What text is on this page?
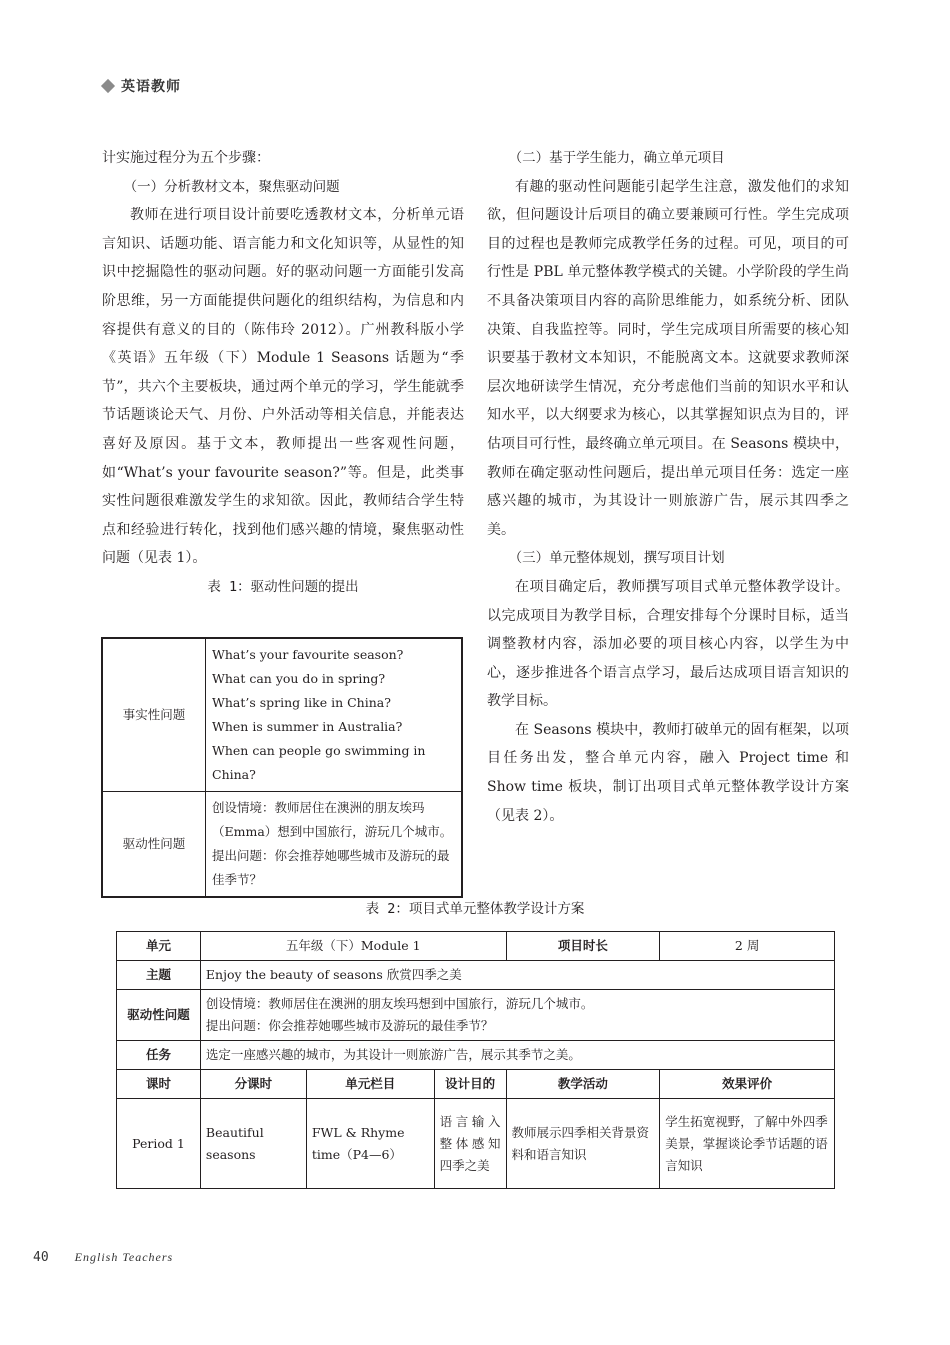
英语教师

计实施过程分为五个步骤：

（一）分析教材文本，聚焦驱动问题

教师在进行项目设计前要吃透教材文本，分析单元语言知识、话题功能、语言能力和文化知识等，从显性的知识中挖掘隐性的驱动问题。好的驱动问题一方面能引发高阶思维，另一方面能提供问题化的组织结构，为信息和内容提供有意义的目的（陈伟玲 2012）。广州教科版小学《英语》五年级（下）Module 1 Seasons 话题为“季节”，共六个主要板块，通过两个单元的学习，学生能就季节话题谈论天气、月份、户外活动等相关信息，并能表达喜好及原因。基于文本，教师提出一些客观性问题，如“What’s your favourite season?”等。但是，此类事实性问题很难激发学生的求知欲。因此，教师结合学生特点和经验进行转化，找到他们感兴趣的情境，聚焦驱动性问题（见表 1）。

表 1：驱动性问题的提出

事实性问题	What’s your favourite season?
What can you do in spring?
What’s spring like in China?
When is summer in Australia?
When can people go swimming in China?

驱动性问题	创设情境：教师居住在澳洲的朋友埃玛（Emma）想到中国旅行，游玩几个城市。
提出问题：你会推荐她哪些城市及游玩的最佳季节？

（二）基于学生能力，确立单元项目

有趣的驱动性问题能引起学生注意，激发他们的求知欲，但问题设计后项目的确立要兼顾可行性。学生完成项目的过程也是教师完成教学任务的过程。可见，项目的可行性是 PBL 单元整体教学模式的关键。小学阶段的学生尚不具备决策项目内容的高阶思维能力，如系统分析、团队决策、自我监控等。同时，学生完成项目所需要的核心知识要基于教材文本知识，不能脱离文本。这就要求教师深层次地研读学生情况，充分考虑他们当前的知识水平和认知水平，以大纲要求为核心，以其掌握知识点为目的，评估项目可行性，最终确立单元项目。在 Seasons 模块中，教师在确定驱动性问题后，提出单元项目任务：选定一座感兴趣的城市，为其设计一则旅游广告，展示其四季之美。

（三）单元整体规划，撰写项目计划

在项目确定后，教师撰写项目式单元整体教学设计。以完成项目为教学目标，合理安排每个分课时目标，适当调整教材内容，添加必要的项目核心内容，以学生为中心，逐步推进各个语言点学习，最后达成项目语言知识的教学目标。

在 Seasons 模块中，教师打破单元的固有框架，以项目任务出发，整合单元内容，融入 Project time 和 Show time 板块，制订出项目式单元整体教学设计方案（见表 2）。

表 2：项目式单元整体教学设计方案
单元	五年级（下）Module 1			项目时长	2 周
主题	Enjoy the beauty of seasons 欣赏四季之美				
驱动性问题	创设情境：教师居住在澳洲的朋友埃玛想到中国旅行，游玩几个城市。
提出问题：你会推荐她哪些城市及游玩的最佳季节？				

任务	选定一座感兴趣的城市，为其设计一则旅游广告，展示其季节之美。				
课时	分课时	单元栏目	设计目的	教学活动	效果评价
Period 1	Beautiful seasons	FWL & Rhyme time（P4—6）	语言输入整体感知四季之美	教师展示四季相关背景资料和语言知识	学生拓宽视野，了解中外四季美景，掌握谈论季节话题的语言知识
40 English Teachers
